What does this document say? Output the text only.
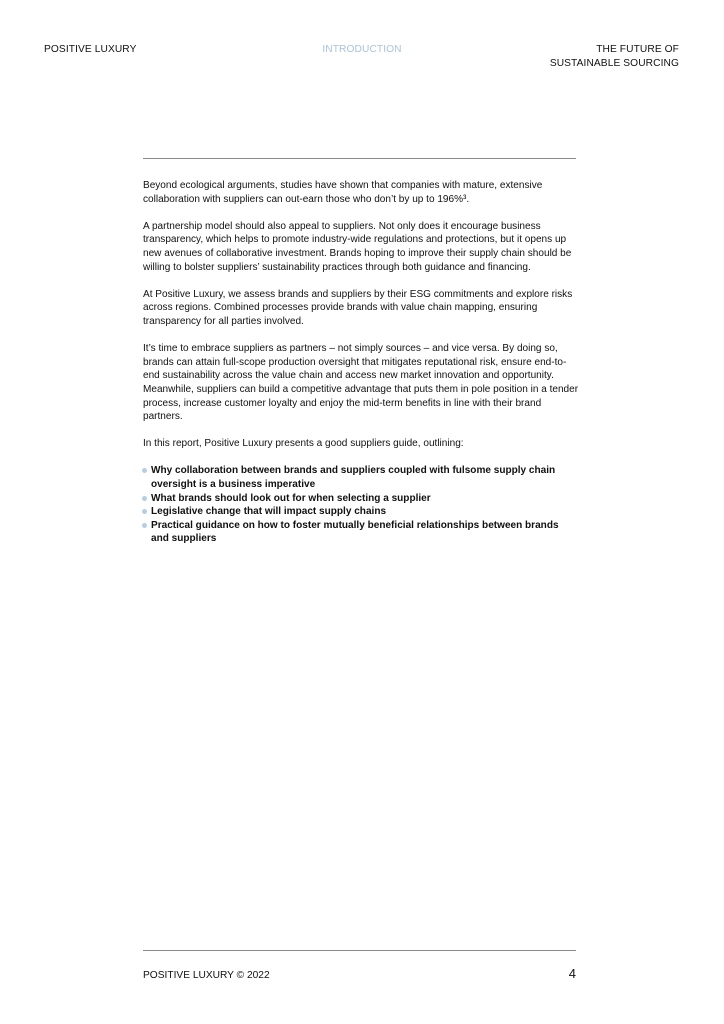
POSITIVE LUXURY	INTRODUCTION	THE FUTURE OF
SUSTAINABLE SOURCING

Beyond ecological arguments, studies have shown that companies with mature, extensive collaboration with suppliers can out-earn those who don’t by up to 196%³.

A partnership model should also appeal to suppliers. Not only does it encourage business transparency, which helps to promote industry-wide regulations and protections, but it opens up new avenues of collaborative investment. Brands hoping to improve their supply chain should be willing to bolster suppliers’ sustainability practices through both guidance and financing.

At Positive Luxury, we assess brands and suppliers by their ESG commitments and explore risks across regions. Combined processes provide brands with value chain mapping, ensuring transparency for all parties involved.

It’s time to embrace suppliers as partners – not simply sources – and vice versa. By doing so, brands can attain full-scope production oversight that mitigates reputational risk, ensure end-to-end sustainability across the value chain and access new market innovation and opportunity. Meanwhile, suppliers can build a competitive advantage that puts them in pole position in a tender process, increase customer loyalty and enjoy the mid-term benefits in line with their brand partners.

In this report, Positive Luxury presents a good suppliers guide, outlining:

Why collaboration between brands and suppliers coupled with fulsome supply chain oversight is a business imperative
What brands should look out for when selecting a supplier
Legislative change that will impact supply chains
Practical guidance on how to foster mutually beneficial relationships between brands and suppliers
POSITIVE LUXURY © 2022	4
